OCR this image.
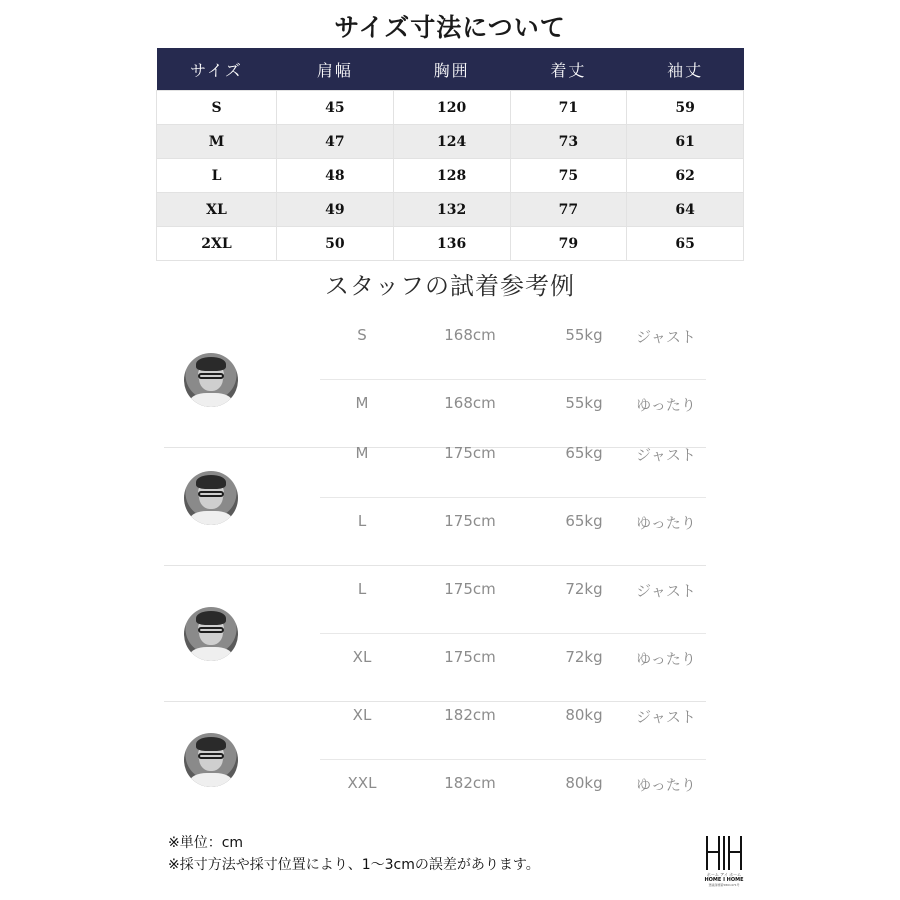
サイズ寸法について
サイズ	肩幅	胸囲	着丈	袖丈
S	45	120	71	59
M	47	124	73	61
L	48	128	75	62
XL	49	132	77	64
2XL	50	136	79	65
スタッフの試着参考例
S	168cm	55kg	ジャスト
M	168cm	55kg	ゆったり
M	175cm	65kg	ジャスト
L	175cm	65kg	ゆったり
L	175cm	72kg	ジャスト
XL	175cm	72kg	ゆったり
XL	182cm	80kg	ジャスト
XXL	182cm	80kg	ゆったり
※単位：cm
※採寸方法や採寸位置により、1～3cmの誤差があります。
ホーム アイ ホーム
HOME I HOME
登録商標第5801471号
